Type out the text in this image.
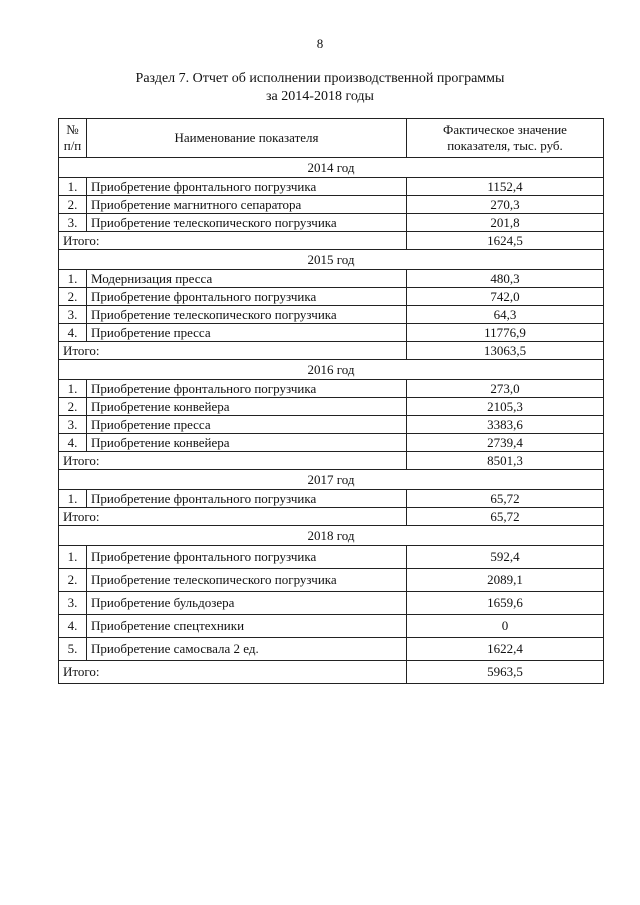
8
Раздел 7. Отчет об исполнении производственной программы
за 2014-2018 годы
№ п/п	Наименование показателя	Фактическое значение показателя, тыс. руб.
2014 год		
1.	Приобретение фронтального погрузчика	1152,4
2.	Приобретение магнитного сепаратора	270,3
3.	Приобретение телескопического погрузчика	201,8
Итого:		1624,5
2015 год		
1.	Модернизация пресса	480,3
2.	Приобретение фронтального погрузчика	742,0
3.	Приобретение телескопического погрузчика	64,3
4.	Приобретение пресса	11776,9
Итого:		13063,5
2016 год		
1.	Приобретение фронтального погрузчика	273,0
2.	Приобретение конвейера	2105,3
3.	Приобретение пресса	3383,6
4.	Приобретение конвейера	2739,4
Итого:		8501,3
2017 год		
1.	Приобретение фронтального погрузчика	65,72
Итого:		65,72
2018 год		
1.	Приобретение фронтального погрузчика	592,4
2.	Приобретение телескопического погрузчика	2089,1
3.	Приобретение бульдозера	1659,6
4.	Приобретение спецтехники	0
5.	Приобретение самосвала 2 ед.	1622,4
Итого:		5963,5
